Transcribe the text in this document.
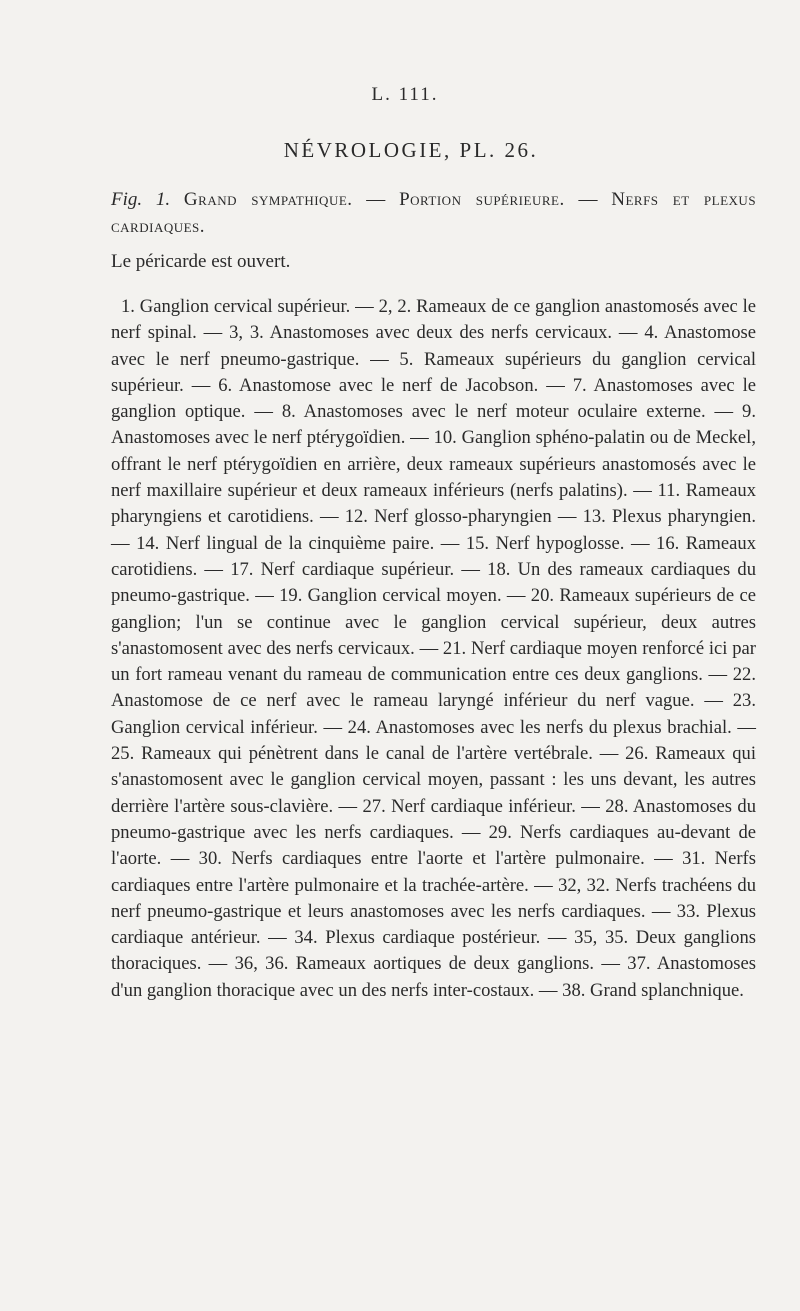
L. 111.
NÉVROLOGIE, PL. 26.
Fig. 1. Grand sympathique. — Portion supérieure. — Nerfs et plexus cardiaques.
Le péricarde est ouvert.

1. Ganglion cervical supérieur. — 2, 2. Rameaux de ce ganglion anastomosés avec le nerf spinal. — 3, 3. Anastomoses avec deux des nerfs cervicaux. — 4. Anastomose avec le nerf pneumo-gastrique. — 5. Rameaux supérieurs du ganglion cervical supérieur. — 6. Anastomose avec le nerf de Jacobson. — 7. Anastomoses avec le ganglion optique. — 8. Anastomoses avec le nerf moteur oculaire externe. — 9. Anastomoses avec le nerf ptérygoïdien. — 10. Ganglion sphéno-palatin ou de Meckel, offrant le nerf ptérygoïdien en arrière, deux rameaux supérieurs anastomosés avec le nerf maxillaire supérieur et deux rameaux inférieurs (nerfs palatins). — 11. Rameaux pharyngiens et carotidiens. — 12. Nerf glosso-pharyngien — 13. Plexus pharyngien. — 14. Nerf lingual de la cinquième paire. — 15. Nerf hypoglosse. — 16. Rameaux carotidiens. — 17. Nerf cardiaque supérieur. — 18. Un des rameaux cardiaques du pneumo-gastrique. — 19. Ganglion cervical moyen. — 20. Rameaux supérieurs de ce ganglion; l'un se continue avec le ganglion cervical supérieur, deux autres s'anastomosent avec des nerfs cervicaux. — 21. Nerf cardiaque moyen renforcé ici par un fort rameau venant du rameau de communication entre ces deux ganglions. — 22. Anastomose de ce nerf avec le rameau laryngé inférieur du nerf vague. — 23. Ganglion cervical inférieur. — 24. Anastomoses avec les nerfs du plexus brachial. — 25. Rameaux qui pénètrent dans le canal de l'artère vertébrale. — 26. Rameaux qui s'anastomosent avec le ganglion cervical moyen, passant : les uns devant, les autres derrière l'artère sous-clavière. — 27. Nerf cardiaque inférieur. — 28. Anastomoses du pneumo-gastrique avec les nerfs cardiaques. — 29. Nerfs cardiaques au-devant de l'aorte. — 30. Nerfs cardiaques entre l'aorte et l'artère pulmonaire. — 31. Nerfs cardiaques entre l'artère pulmonaire et la trachée-artère. — 32, 32. Nerfs trachéens du nerf pneumo-gastrique et leurs anastomoses avec les nerfs cardiaques. — 33. Plexus cardiaque antérieur. — 34. Plexus cardiaque postérieur. — 35, 35. Deux ganglions thoraciques. — 36, 36. Rameaux aortiques de deux ganglions. — 37. Anastomoses d'un ganglion thoracique avec un des nerfs inter-costaux. — 38. Grand splanchnique.
